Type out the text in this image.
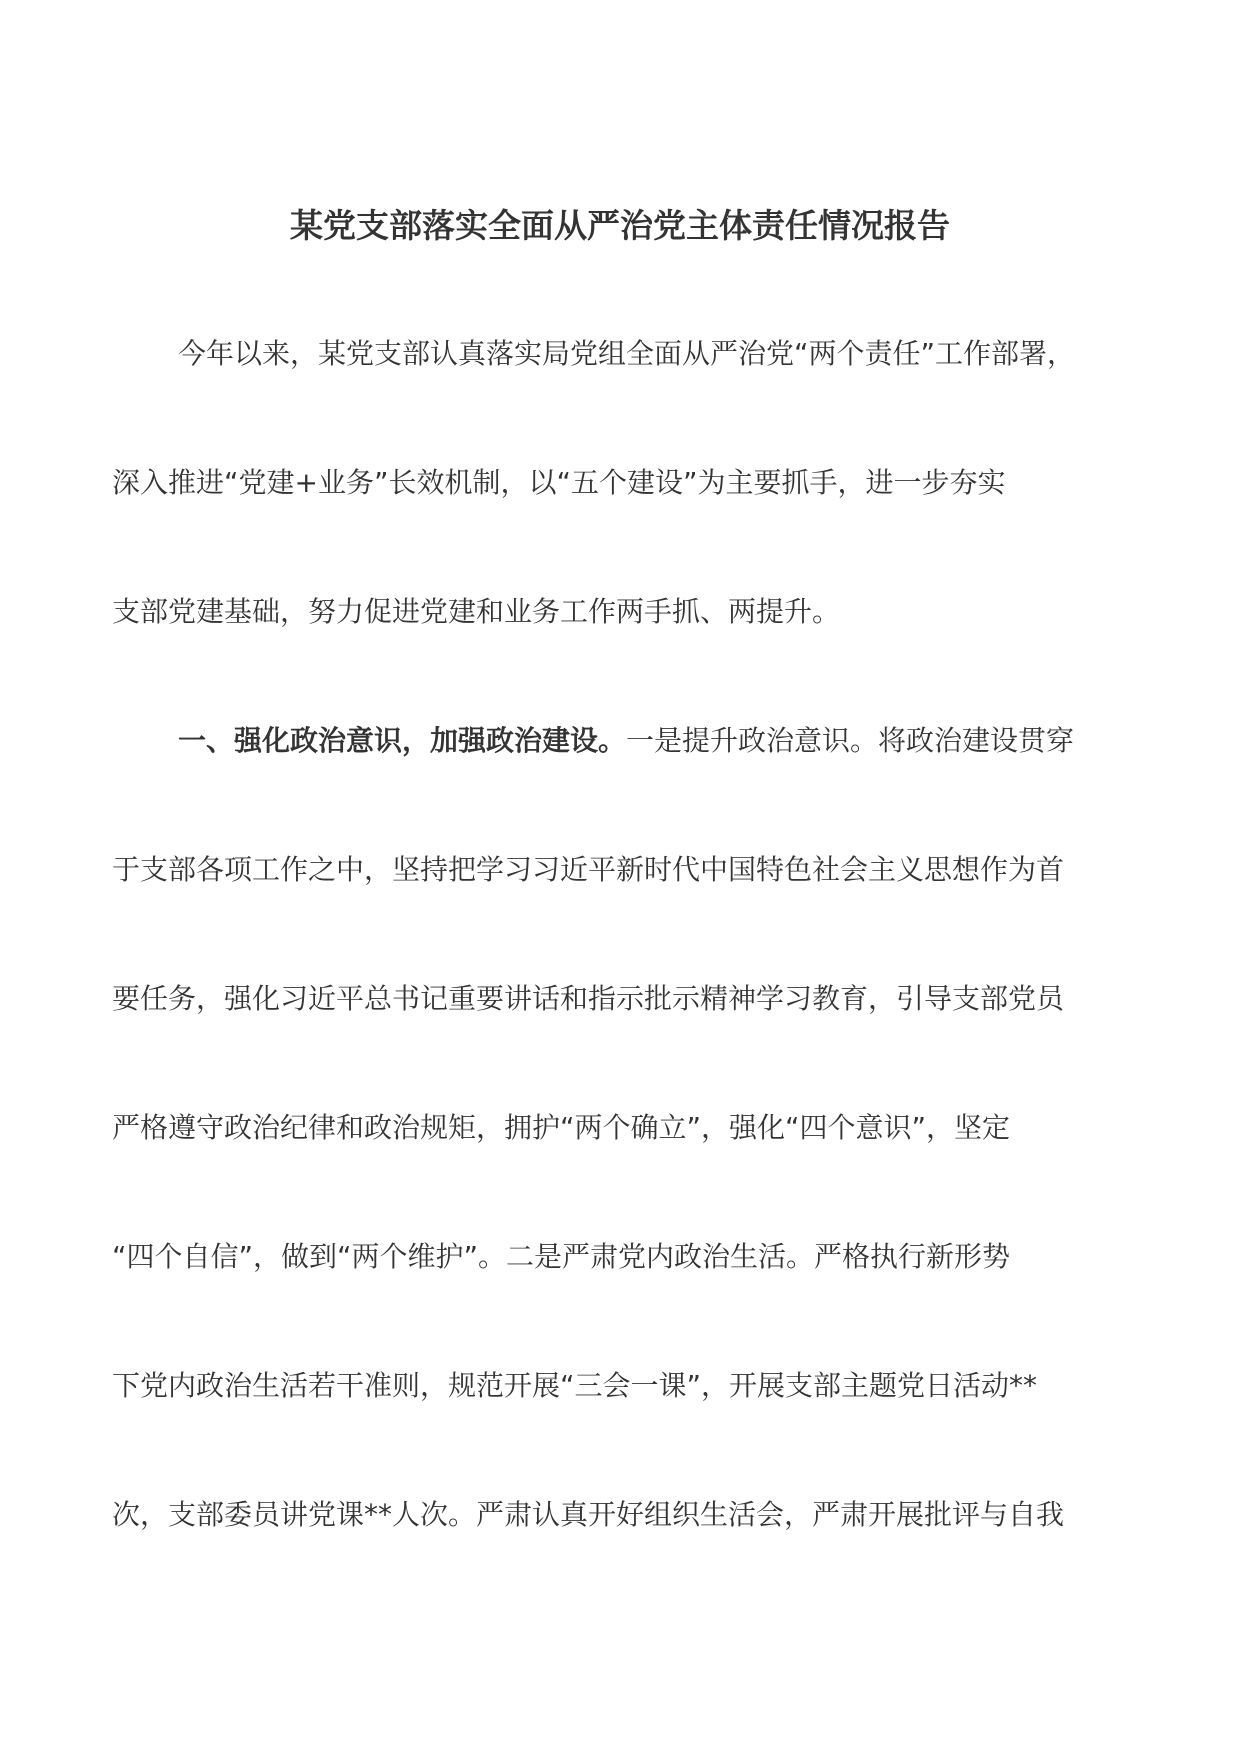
某党支部落实全面从严治党主体责任情况报告

今年以来，某党支部认真落实局党组全面从严治党“两个责任”工作部署，

深入推进“党建+业务”长效机制，以“五个建设”为主要抓手，进一步夯实

支部党建基础，努力促进党建和业务工作两手抓、两提升。

一、强化政治意识，加强政治建设。一是提升政治意识。将政治建设贯穿

于支部各项工作之中，坚持把学习习近平新时代中国特色社会主义思想作为首

要任务，强化习近平总书记重要讲话和指示批示精神学习教育，引导支部党员

严格遵守政治纪律和政治规矩，拥护“两个确立”，强化“四个意识”，坚定

“四个自信”，做到“两个维护”。二是严肃党内政治生活。严格执行新形势

下党内政治生活若干准则，规范开展“三会一课”，开展支部主题党日活动**

次，支部委员讲党课**人次。严肃认真开好组织生活会，严肃开展批评与自我
